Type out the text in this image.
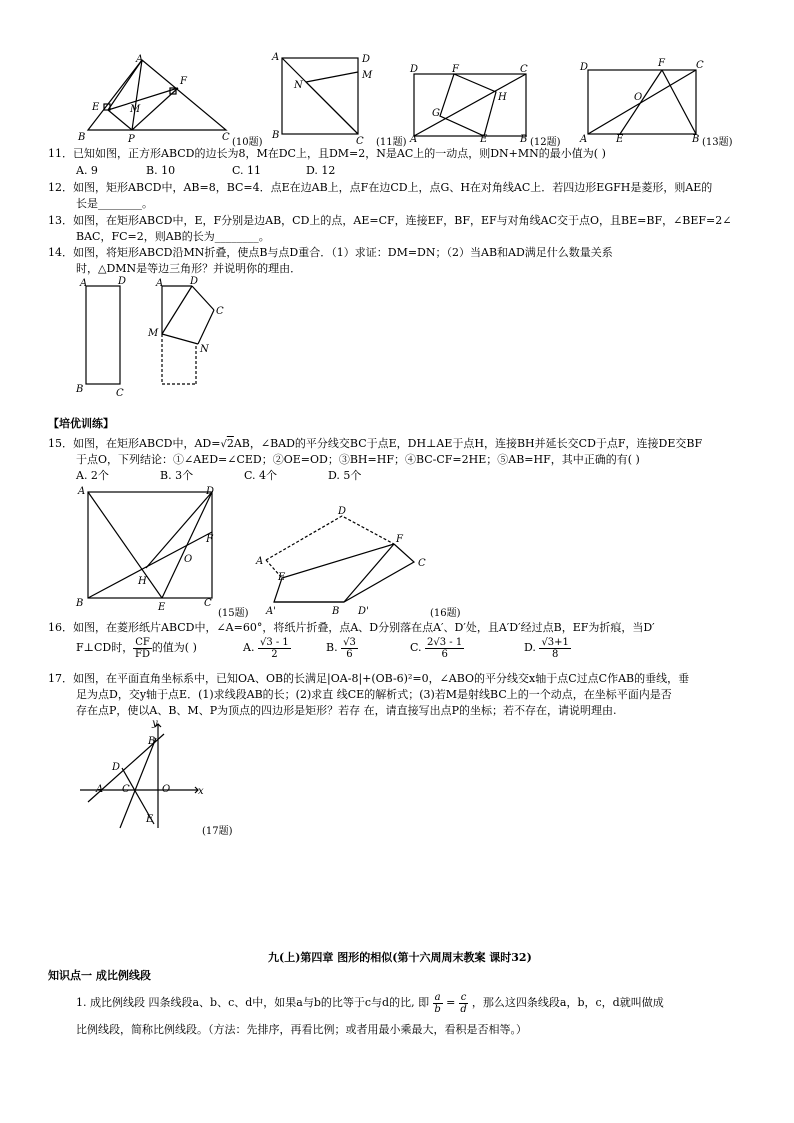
A
F
E	M
B	P	C (10题)
A	D
N
M
B
C (11题)
D	F	C
G
H
A	E	B (12题)
D	F	C
O
A	E	B (13题)
11．已知如图，正方形ABCD的边长为8，M在DC上，且DM=2，N是AC上的一动点，则DN+MN的最小值为( )
A. 9	B. 10	C. 11	D. 12
12．如图，矩形ABCD中，AB=8，BC=4．点E在边AB上，点F在边CD上，点G、H在对角线AC上．若四边形EGFH是菱形，则AE的
长是________。
13．如图，在矩形ABCD中，E，F分别是边AB，CD上的点，AE=CF，连接EF，BF，EF与对角线AC交于点O，且BE=BF，∠BEF=2∠
BAC，FC=2，则AB的长为________。
14．如图，将矩形ABCD沿MN折叠，使点B与点D重合．（1）求证：DM=DN；（2）当AB和AD满足什么数量关系
时，△DMN是等边三角形？并说明你的理由．
A	D
B	C
A	D
C
M
N
【培优训练】
15．如图，在矩形ABCD中，AD=√2AB，∠BAD的平分线交BC于点E，DH⊥AE于点H，连接BH并延长交CD于点F，连接DE交BF
于点O，下列结论：①∠AED=∠CED；②OE=OD；③BH=HF；④BC-CF=2HE；⑤AB=HF，其中正确的有( )
A. 2个	B. 3个	C. 4个	D. 5个
B	C
A	D
F
H
O
E
(15题)
D
A
F
C
E
A'	B D'	(16题)
16．如图，在菱形纸片ABCD中，∠A=60°，将纸片折叠，点A、D分别落在点A′、D′处，且A′D′经过点B，EF为折痕，当D′
F⊥CD时， $\frac{CF}{FD}$ 的值为( )	A. $\frac{√3 - 1}{2}$	B. $\frac{√3}{6}$	C. $\frac{2√3 - 1}{6}$	D. $\frac{√3+1}{8}$
17．如图，在平面直角坐标系中，已知OA、OB的长满足|OA-8|+(OB-6)²=0，∠ABO的平分线交x轴于点C过点C作AB的垂线，垂
足为点D，交y轴于点E．(1)求线段AB的长；(2)求直 线CE的解析式；(3)若M是射线BC上的一个动点，在坐标平面内是否
存在点P，使以A、B、M、P为顶点的四边形是矩形？若存 在，请直接写出点P的坐标；若不存在，请说明理由.
y
B
D
A C	O	x
E
(17题)
九(上)第四章 图形的相似(第十六周周末教案 课时32)
知识点一 成比例线段
1. 成比例线段 四条线段a、b、c、d中，如果a与b的比等于c与d的比, 即 $\frac{a}{b} = \frac{c}{d}$ ，那么这四条线段a，b，c，d就叫做成
比例线段，简称比例线段。（方法：先排序，再看比例；或者用最小乘最大，看积是否相等。）
